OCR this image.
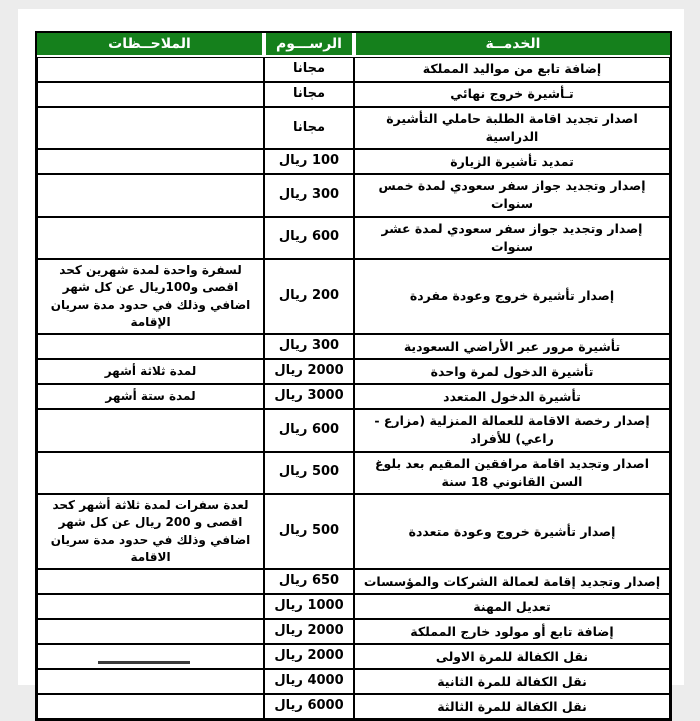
الخدمــة	الرســـوم	الملاحــظات
إضافة تابع من مواليد المملكة	مجانا	
تـأشيرة خروج نهائي	مجانا	
اصدار تجديد اقامة الطلبة حاملي التأشيرة الدراسية	مجانا	
تمديد تأشيرة الزيارة	100 ريال	
إصدار وتجديد جواز سفر سعودي لمدة خمس سنوات	300 ريال	
إصدار وتجديد جواز سفر سعودي لمدة عشر سنوات	600 ريال	
إصدار تأشيرة خروج وعودة مفردة	200 ريال	لسفرة واحدة لمدة شهرين كحد اقصى و100ريال عن كل شهر اضافي وذلك في حدود مدة سريان الإقامة
تأشيرة مرور عبر الأراضي السعودية	300 ريال	
تأشيرة الدخول لمرة واحدة	2000 ريال	لمدة ثلاثة أشهر
تأشيرة الدخول المتعدد	3000 ريال	لمدة ستة أشهر
إصدار رخصة الاقامة للعمالة المنزلية (مزارع - راعي) للأفراد	600 ريال	
اصدار وتجديد اقامة مرافقين المقيم بعد بلوغ السن القانوني 18 سنة	500 ريال	
إصدار تأشيرة خروج وعودة متعددة	500 ريال	لعدة سفرات لمدة ثلاثة أشهر كحد اقصى و 200 ريال عن كل شهر اضافي وذلك في حدود مدة سريان الاقامة
إصدار وتجديد إقامة لعمالة الشركات والمؤسسات	650 ريال	
تعديل المهنة	1000 ريال	
إضافة تابع أو مولود خارج المملكة	2000 ريال	
نقل الكفالة للمرة الاولى	2000 ريال	
نقل الكفالة للمرة الثانية	4000 ريال	
نقل الكفالة للمرة الثالثة	6000 ريال	
